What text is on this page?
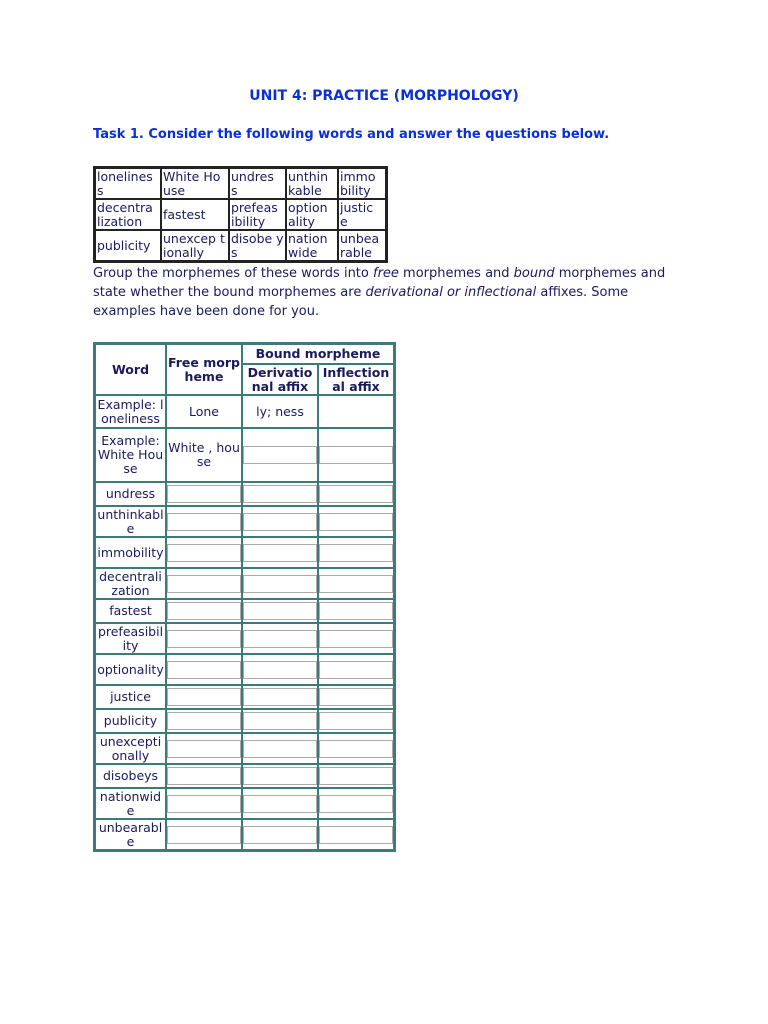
UNIT 4: PRACTICE (MORPHOLOGY)
Task 1. Consider the following words and answer the questions below.
lonelines s	White House	undres s	unthin kable	immo bility
decentra lization	fastest	prefeas ibility	option ality	justic e
publicity	unexcep tionally	disobe ys	nation wide	unbea rable
Group the morphemes of these words into free morphemes and bound morphemes and state whether the bound morphemes are derivational or inflectional affixes. Some examples have been done for you.
Word	Free morpheme	Bound morpheme	
		Derivational affix	Inflectional affix
Example: loneliness	Lone	ly; ness	
Example: White House	White , house	

undress	

unthinkable	

immobility	

decentralization	

fastest	

prefeasibility	

optionality	

justice	

publicity	

unexceptionally	

disobeys	

nationwide	

unbearable	
